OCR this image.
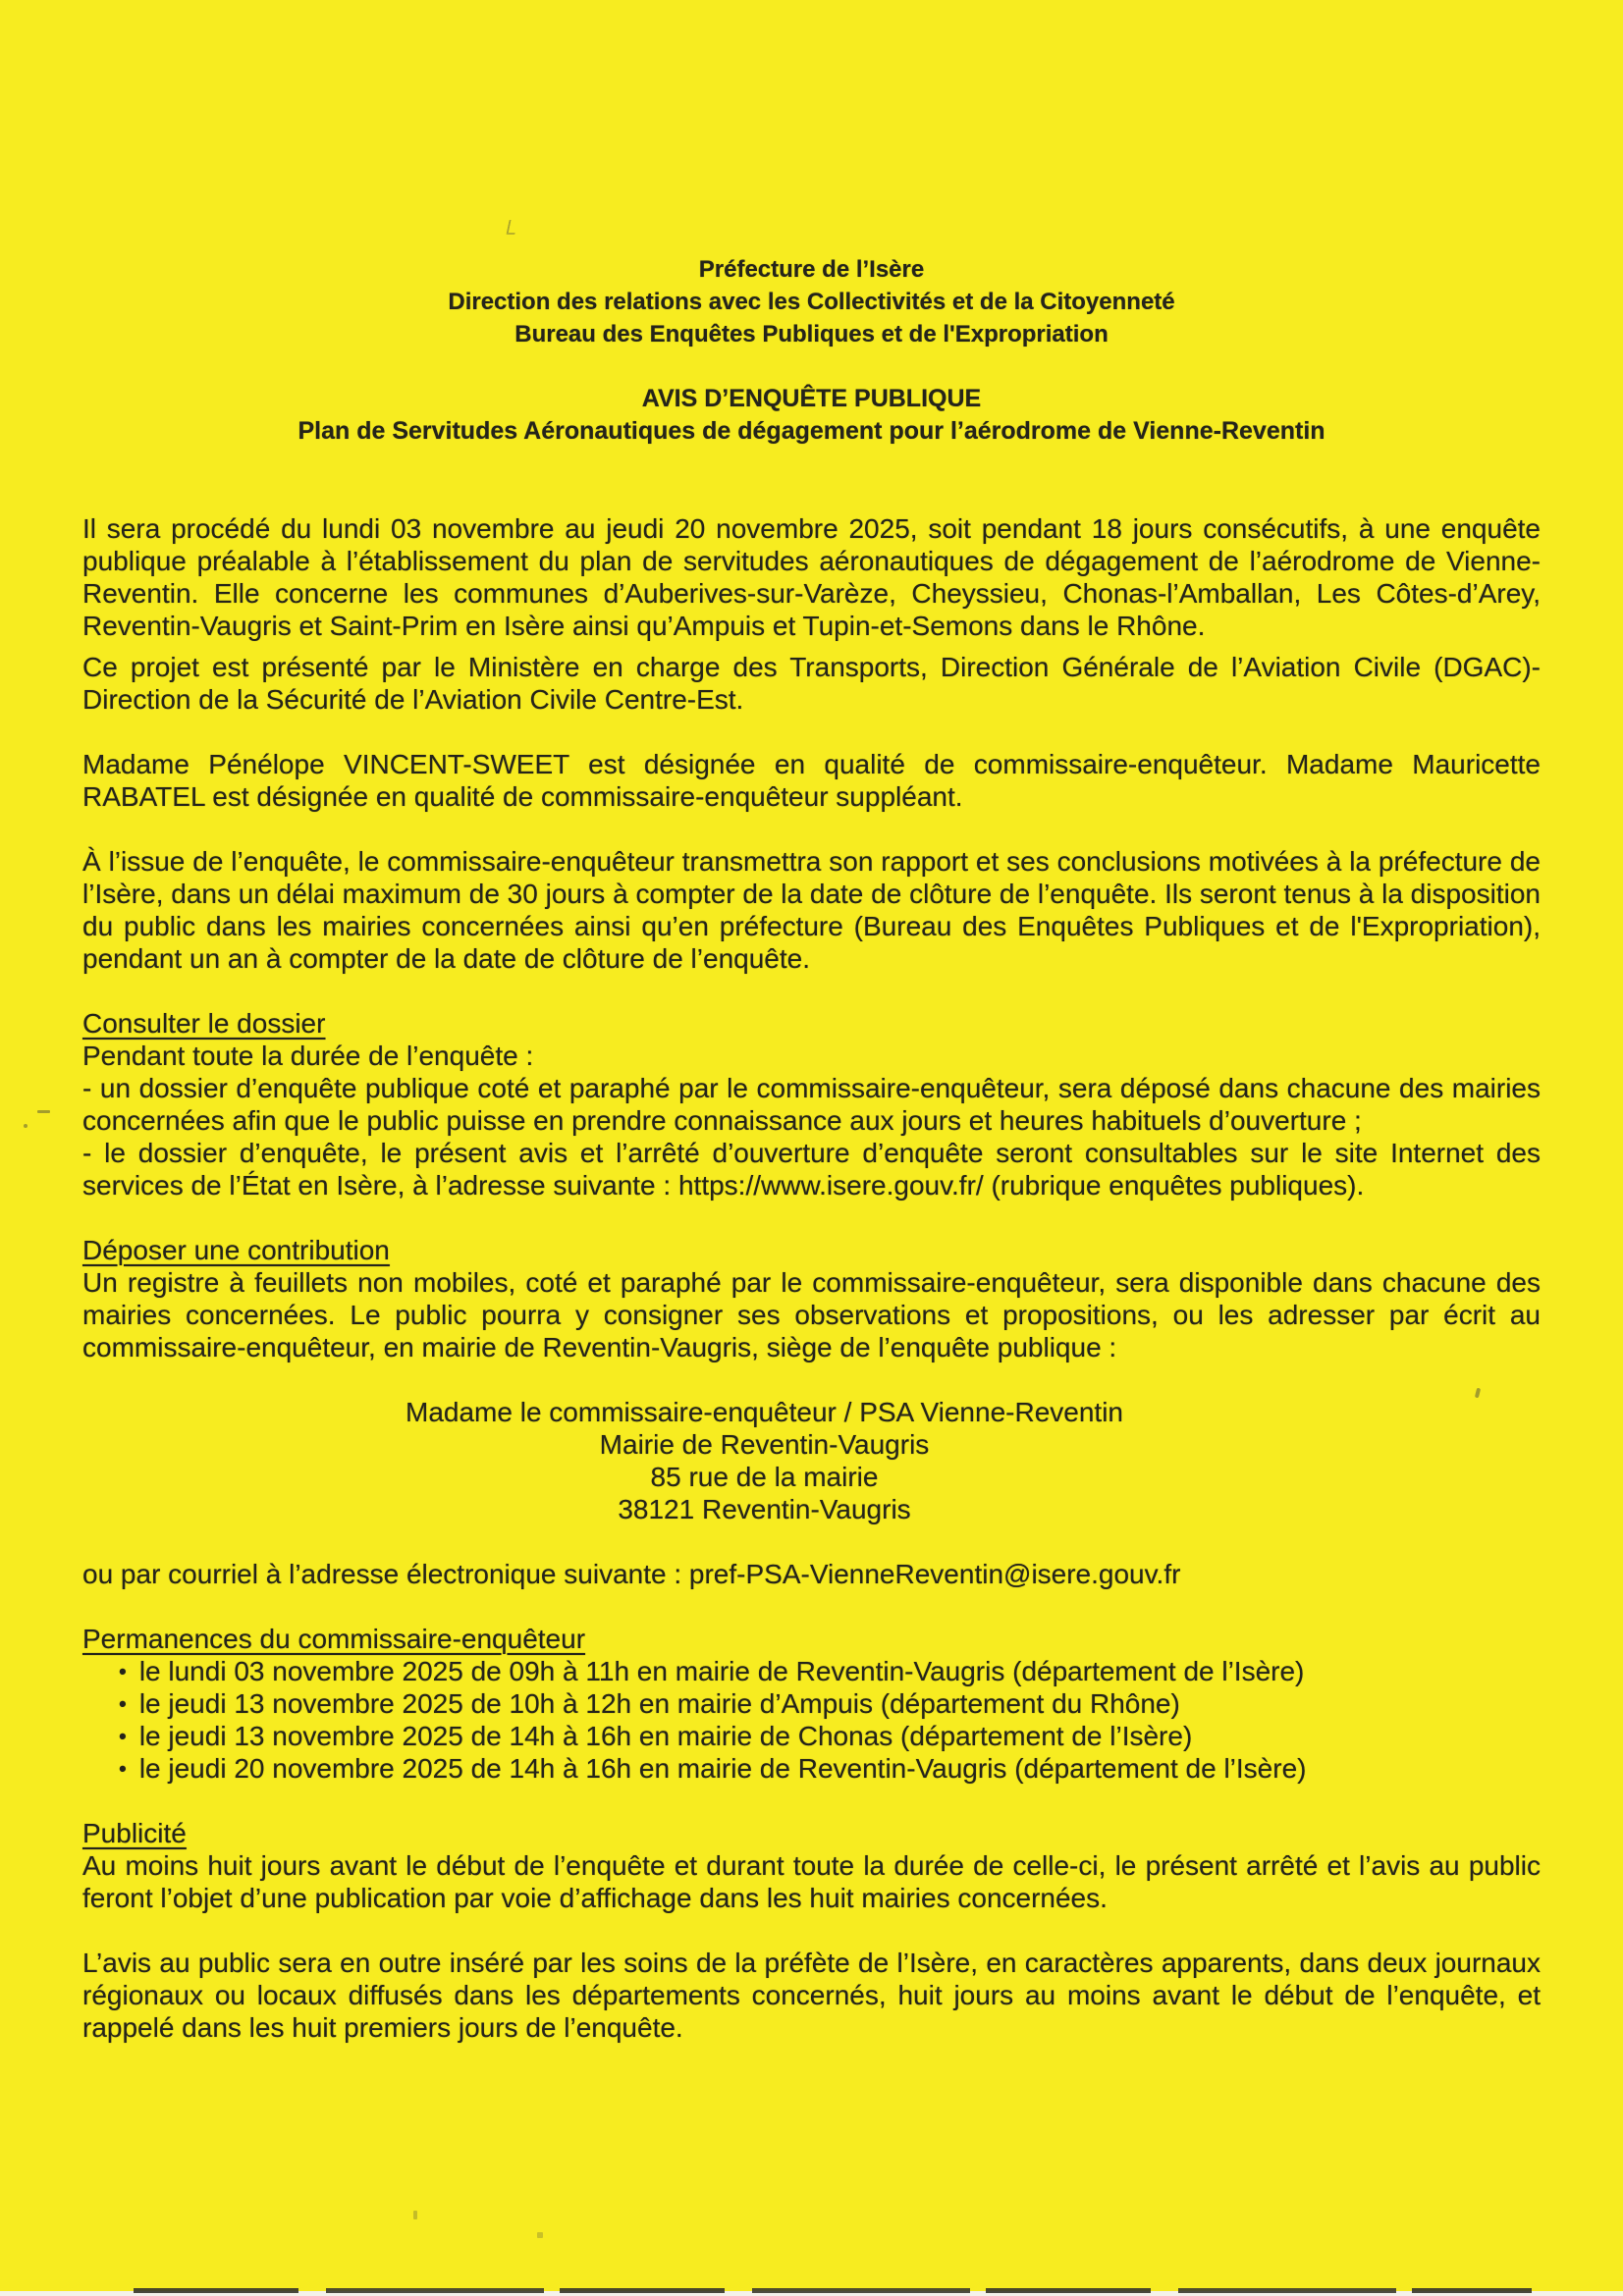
Préfecture de l’Isère
Direction des relations avec les Collectivités et de la Citoyenneté
Bureau des Enquêtes Publiques et de l'Expropriation
AVIS D’ENQUÊTE PUBLIQUE
Plan de Servitudes Aéronautiques de dégagement pour l’aérodrome de Vienne-Reventin

Il sera procédé du lundi 03 novembre au jeudi 20 novembre 2025, soit pendant 18 jours consécutifs, à une enquête publique préalable à l’établissement du plan de servitudes aéronautiques de dégagement de l’aérodrome de Vienne-Reventin. Elle concerne les communes d’Auberives-sur-Varèze, Cheyssieu, Chonas-l’Amballan, Les Côtes-d’Arey, Reventin-Vaugris et Saint-Prim en Isère ainsi qu’Ampuis et Tupin-et-Semons dans le Rhône.

Ce projet est présenté par le Ministère en charge des Transports, Direction Générale de l’Aviation Civile (DGAC)-Direction de la Sécurité de l’Aviation Civile Centre-Est.

Madame Pénélope VINCENT-SWEET est désignée en qualité de commissaire-enquêteur. Madame Mauricette RABATEL est désignée en qualité de commissaire-enquêteur suppléant.

À l’issue de l’enquête, le commissaire-enquêteur transmettra son rapport et ses conclusions motivées à la préfecture de l’Isère, dans un délai maximum de 30 jours à compter de la date de clôture de l’enquête. Ils seront tenus à la disposition du public dans les mairies concernées ainsi qu’en préfecture (Bureau des Enquêtes Publiques et de l'Expropriation), pendant un an à compter de la date de clôture de l’enquête.

Consulter le dossier

Pendant toute la durée de l’enquête :

- un dossier d’enquête publique coté et paraphé par le commissaire-enquêteur, sera déposé dans chacune des mairies concernées afin que le public puisse en prendre connaissance aux jours et heures habituels d’ouverture ;

- le dossier d’enquête, le présent avis et l’arrêté d’ouverture d’enquête seront consultables sur le site Internet des services de l’État en Isère, à l’adresse suivante : https://www.isere.gouv.fr/ (rubrique enquêtes publiques).

Déposer une contribution

Un registre à feuillets non mobiles, coté et paraphé par le commissaire-enquêteur, sera disponible dans chacune des mairies concernées. Le public pourra y consigner ses observations et propositions, ou les adresser par écrit au commissaire-enquêteur, en mairie de Reventin-Vaugris, siège de l’enquête publique :

Madame le commissaire-enquêteur / PSA Vienne-Reventin
Mairie de Reventin-Vaugris
85 rue de la mairie
38121 Reventin-Vaugris

ou par courriel à l’adresse électronique suivante : pref-PSA-VienneReventin@isere.gouv.fr

Permanences du commissaire-enquêteur
• le lundi 03 novembre 2025 de 09h à 11h en mairie de Reventin-Vaugris (département de l’Isère)
• le jeudi 13 novembre 2025 de 10h à 12h en mairie d’Ampuis (département du Rhône)
• le jeudi 13 novembre 2025 de 14h à 16h en mairie de Chonas (département de l’Isère)
• le jeudi 20 novembre 2025 de 14h à 16h en mairie de Reventin-Vaugris (département de l’Isère)
Publicité

Au moins huit jours avant le début de l’enquête et durant toute la durée de celle-ci, le présent arrêté et l’avis au public feront l’objet d’une publication par voie d’affichage dans les huit mairies concernées.

L’avis au public sera en outre inséré par les soins de la préfète de l’Isère, en caractères apparents, dans deux journaux régionaux ou locaux diffusés dans les départements concernés, huit jours au moins avant le début de l’enquête, et rappelé dans les huit premiers jours de l’enquête.
